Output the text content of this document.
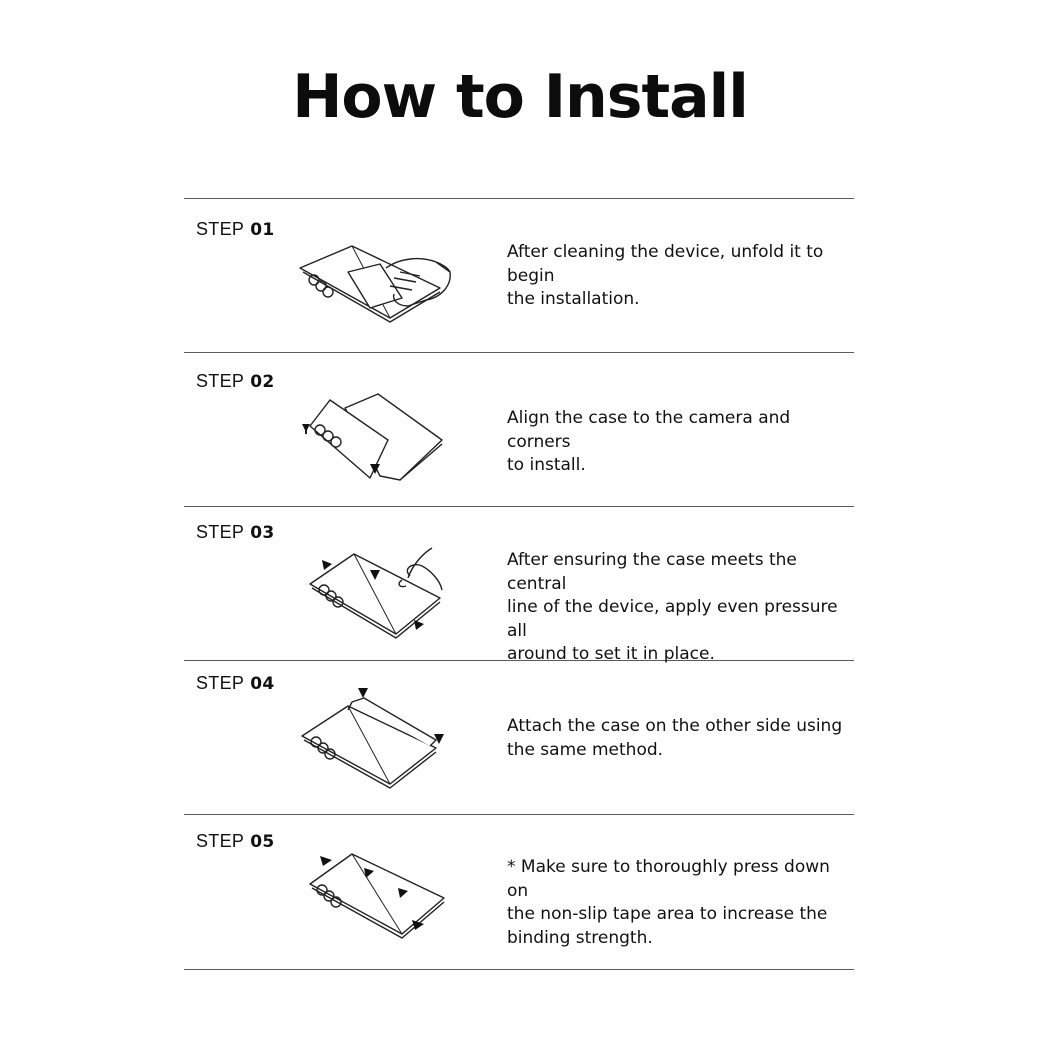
How to Install
STEP 01
After cleaning the device, unfold it to
begin
the installation.
STEP 02
Align the case to the camera and corners
to install.
STEP 03
After ensuring the case meets the central
line of the device, apply even pressure all
around to set it in place.
STEP 04
Attach the case on the other side using
the same method.
STEP 05
* Make sure to thoroughly press down on
the non-slip tape area to increase the
binding strength.
